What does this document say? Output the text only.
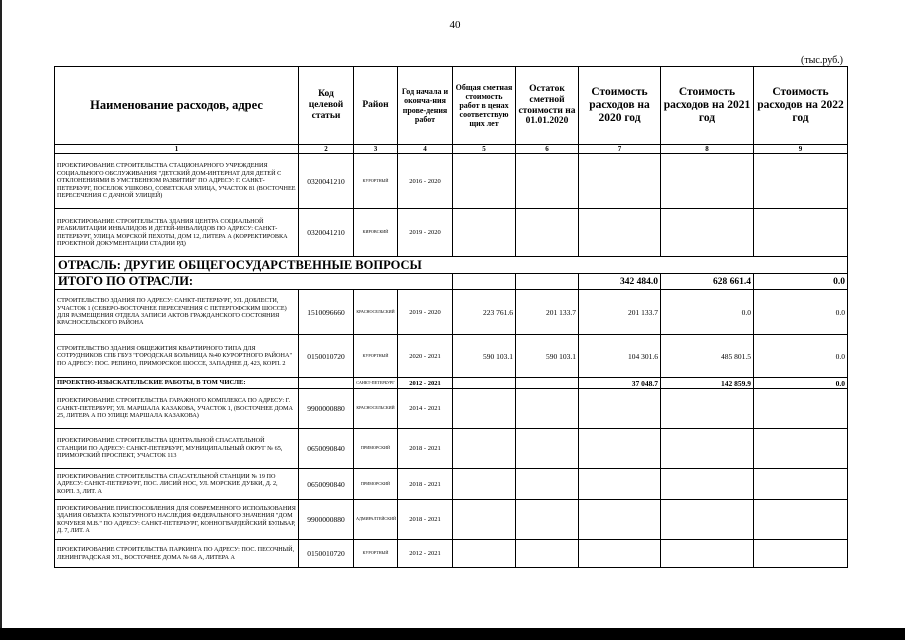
40
(тыс.руб.)
Наименование расходов, адрес	Код целевой статьи	Район	Год начала и оконча-ния прове-дения работ	Общая сметная стоимость работ в ценах соответствую щих лет	Остаток сметной стоимости на 01.01.2020	Стоимость расходов на 2020 год	Стоимость расходов на 2021 год	Стоимость расходов на 2022 год
1	2	3	4	5	6	7	8	9
ПРОЕКТИРОВАНИЕ СТРОИТЕЛЬСТВА СТАЦИОНАРНОГО УЧРЕЖДЕНИЯ СОЦИАЛЬНОГО ОБСЛУЖИВАНИЯ "ДЕТСКИЙ ДОМ-ИНТЕРНАТ ДЛЯ ДЕТЕЙ С ОТКЛОНЕНИЯМИ В УМСТВЕННОМ РАЗВИТИИ" ПО АДРЕСУ: Г. САНКТ-ПЕТЕРБУРГ, ПОСЕЛОК УШКОВО, СОВЕТСКАЯ УЛИЦА, УЧАСТОК 81 (ВОСТОЧНЕЕ ПЕРЕСЕЧЕНИЯ С ДАЧНОЙ УЛИЦЕЙ)	0320041210	КУРОРТНЫЙ	2016 - 2020					
ПРОЕКТИРОВАНИЕ СТРОИТЕЛЬСТВА ЗДАНИЯ ЦЕНТРА СОЦИАЛЬНОЙ РЕАБИЛИТАЦИИ ИНВАЛИДОВ И ДЕТЕЙ-ИНВАЛИДОВ ПО АДРЕСУ: САНКТ-ПЕТЕРБУРГ, УЛИЦА МОРСКОЙ ПЕХОТЫ, ДОМ 12, ЛИТЕРА А (КОРРЕКТИРОВКА ПРОЕКТНОЙ ДОКУМЕНТАЦИИ СТАДИИ РД)	0320041210	КИРОВСКИЙ	2019 - 2020					
ОТРАСЛЬ: ДРУГИЕ ОБЩЕГОСУДАРСТВЕННЫЕ ВОПРОСЫ								
ИТОГО ПО ОТРАСЛИ:						342 484.0	628 661.4	0.0
СТРОИТЕЛЬСТВО ЗДАНИЯ ПО АДРЕСУ: САНКТ-ПЕТЕРБУРГ, УЛ. ДОБЛЕСТИ, УЧАСТОК 1 (СЕВЕРО-ВОСТОЧНЕЕ ПЕРЕСЕЧЕНИЯ С ПЕТЕРГОФСКИМ ШОССЕ) ДЛЯ РАЗМЕЩЕНИЯ ОТДЕЛА ЗАПИСИ АКТОВ ГРАЖДАНСКОГО СОСТОЯНИЯ КРАСНОСЕЛЬСКОГО РАЙОНА	1510096660	КРАСНОСЕЛЬСКИЙ	2019 - 2020	223 761.6	201 133.7	201 133.7	0.0	0.0
СТРОИТЕЛЬСТВО ЗДАНИЯ ОБЩЕЖИТИЯ КВАРТИРНОГО ТИПА ДЛЯ СОТРУДНИКОВ СПБ ГБУЗ "ГОРОДСКАЯ БОЛЬНИЦА №40 КУРОРТНОГО РАЙОНА" ПО АДРЕСУ: ПОС. РЕПИНО, ПРИМОРСКОЕ ШОССЕ, ЗАПАДНЕЕ Д. 423, КОРП. 2	0150010720	КУРОРТНЫЙ	2020 - 2021	590 103.1	590 103.1	104 301.6	485 801.5	0.0
ПРОЕКТНО-ИЗЫСКАТЕЛЬСКИЕ РАБОТЫ, В ТОМ ЧИСЛЕ:		САНКТ-ПЕТЕРБУРГ	2012 - 2021			37 048.7	142 859.9	0.0
ПРОЕКТИРОВАНИЕ СТРОИТЕЛЬСТВА ГАРАЖНОГО КОМПЛЕКСА ПО АДРЕСУ: Г. САНКТ-ПЕТЕРБУРГ, УЛ. МАРШАЛА КАЗАКОВА, УЧАСТОК 1, (ВОСТОЧНЕЕ ДОМА 25, ЛИТЕРА А ПО УЛИЦЕ МАРШАЛА КАЗАКОВА)	9900000880	КРАСНОСЕЛЬСКИЙ	2014 - 2021					
ПРОЕКТИРОВАНИЕ СТРОИТЕЛЬСТВА ЦЕНТРАЛЬНОЙ СПАСАТЕЛЬНОЙ СТАНЦИИ ПО АДРЕСУ: САНКТ-ПЕТЕРБУРГ, МУНИЦИПАЛЬНЫЙ ОКРУГ № 65, ПРИМОРСКИЙ ПРОСПЕКТ, УЧАСТОК 113	0650090840	ПРИМОРСКИЙ	2018 - 2021					
ПРОЕКТИРОВАНИЕ СТРОИТЕЛЬСТВА СПАСАТЕЛЬНОЙ СТАНЦИИ № 19 ПО АДРЕСУ: САНКТ-ПЕТЕРБУРГ, ПОС. ЛИСИЙ НОС, УЛ. МОРСКИЕ ДУБКИ, Д. 2, КОРП. 3, ЛИТ. А	0650090840	ПРИМОРСКИЙ	2018 - 2021					
ПРОЕКТИРОВАНИЕ ПРИСПОСОБЛЕНИЯ ДЛЯ СОВРЕМЕННОГО ИСПОЛЬЗОВАНИЯ ЗДАНИЯ ОБЪЕКТА КУЛЬТУРНОГО НАСЛЕДИЯ ФЕДЕРАЛЬНОГО ЗНАЧЕНИЯ "ДОМ КОЧУБЕЯ М.В." ПО АДРЕСУ: САНКТ-ПЕТЕРБУРГ, КОННОГВАРДЕЙСКИЙ БУЛЬВАР, Д. 7, ЛИТ. А	9900000880	АДМИРАЛТЕЙСКИЙ	2018 - 2021					
ПРОЕКТИРОВАНИЕ СТРОИТЕЛЬСТВА ПАРКИНГА ПО АДРЕСУ: ПОС. ПЕСОЧНЫЙ, ЛЕНИНГРАДСКАЯ УЛ., ВОСТОЧНЕЕ ДОМА № 68 А, ЛИТЕРА А	0150010720	КУРОРТНЫЙ	2012 - 2021					
